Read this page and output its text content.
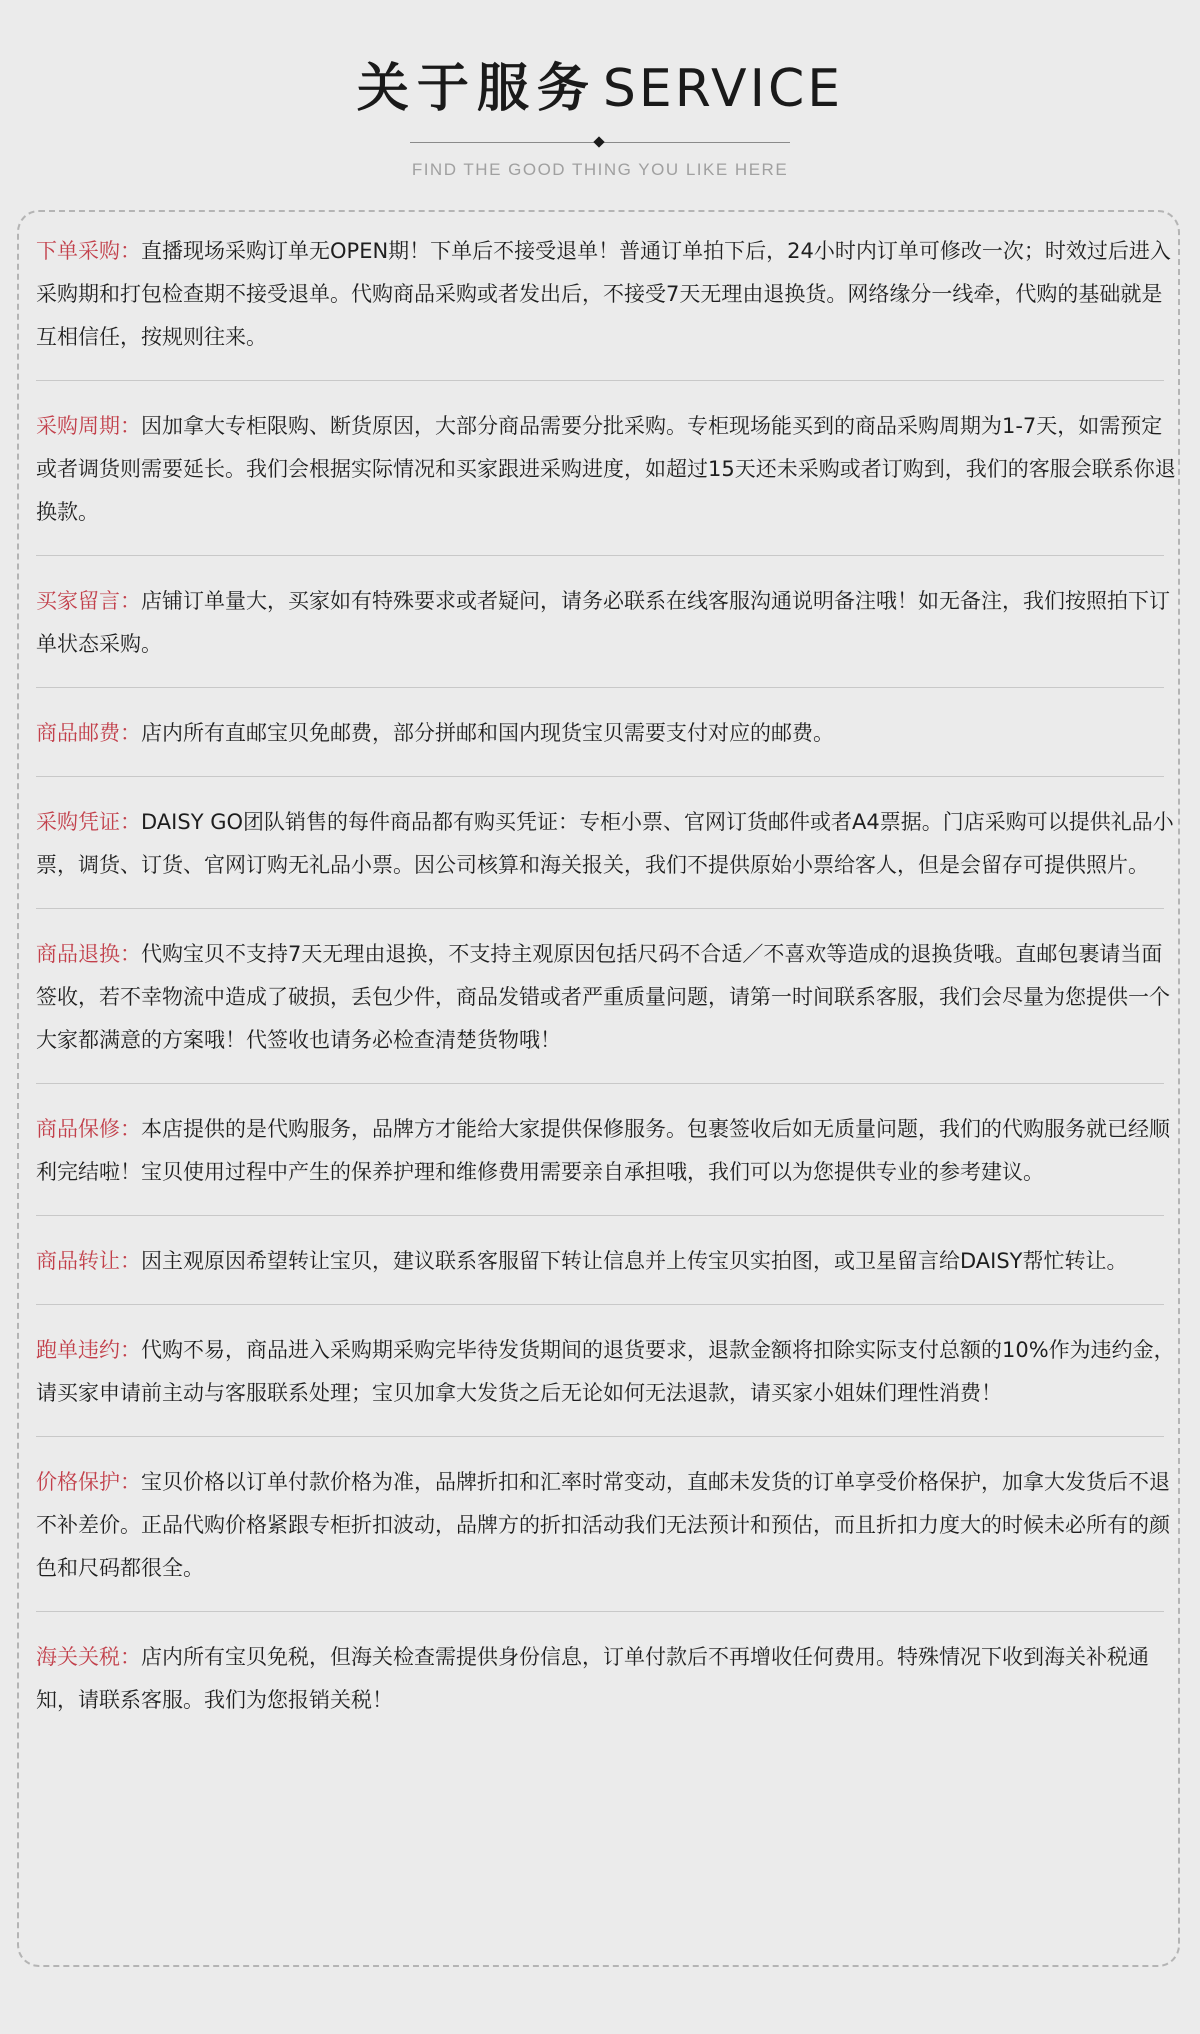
关于服务 SERVICE
FIND THE GOOD THING YOU LIKE HERE
下单采购：直播现场采购订单无OPEN期！下单后不接受退单！普通订单拍下后，24小时内订单可修改一次；时效过后进入采购期和打包检查期不接受退单。代购商品采购或者发出后，不接受7天无理由退换货。网络缘分一线牵，代购的基础就是互相信任，按规则往来。
采购周期：因加拿大专柜限购、断货原因，大部分商品需要分批采购。专柜现场能买到的商品采购周期为1-7天，如需预定或者调货则需要延长。我们会根据实际情况和买家跟进采购进度，如超过15天还未采购或者订购到，我们的客服会联系你退换款。
买家留言：店铺订单量大，买家如有特殊要求或者疑问，请务必联系在线客服沟通说明备注哦！如无备注，我们按照拍下订单状态采购。
商品邮费：店内所有直邮宝贝免邮费，部分拼邮和国内现货宝贝需要支付对应的邮费。
采购凭证：DAISY GO团队销售的每件商品都有购买凭证：专柜小票、官网订货邮件或者A4票据。门店采购可以提供礼品小票，调货、订货、官网订购无礼品小票。因公司核算和海关报关，我们不提供原始小票给客人，但是会留存可提供照片。
商品退换：代购宝贝不支持7天无理由退换，不支持主观原因包括尺码不合适／不喜欢等造成的退换货哦。直邮包裹请当面签收，若不幸物流中造成了破损，丢包少件，商品发错或者严重质量问题，请第一时间联系客服，我们会尽量为您提供一个大家都满意的方案哦！代签收也请务必检查清楚货物哦！
商品保修：本店提供的是代购服务，品牌方才能给大家提供保修服务。包裹签收后如无质量问题，我们的代购服务就已经顺利完结啦！宝贝使用过程中产生的保养护理和维修费用需要亲自承担哦，我们可以为您提供专业的参考建议。
商品转让：因主观原因希望转让宝贝，建议联系客服留下转让信息并上传宝贝实拍图，或卫星留言给DAISY帮忙转让。
跑单违约：代购不易，商品进入采购期采购完毕待发货期间的退货要求，退款金额将扣除实际支付总额的10%作为违约金，请买家申请前主动与客服联系处理；宝贝加拿大发货之后无论如何无法退款，请买家小姐妹们理性消费！
价格保护：宝贝价格以订单付款价格为准，品牌折扣和汇率时常变动，直邮未发货的订单享受价格保护，加拿大发货后不退不补差价。正品代购价格紧跟专柜折扣波动，品牌方的折扣活动我们无法预计和预估，而且折扣力度大的时候未必所有的颜色和尺码都很全。
海关关税：店内所有宝贝免税，但海关检查需提供身份信息，订单付款后不再增收任何费用。特殊情况下收到海关补税通知，请联系客服。我们为您报销关税！
